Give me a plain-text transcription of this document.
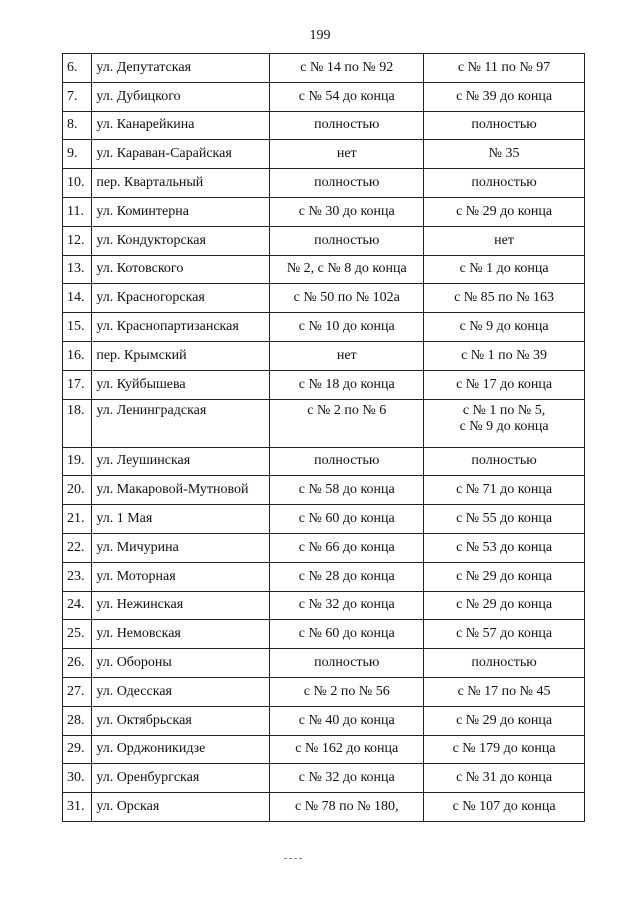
199
6.	ул. Депутатская	с № 14 по № 92	с № 11 по № 97

7.	ул. Дубицкого	с № 54 до конца	с № 39 до конца

8.	ул. Канарейкина	полностью	полностью

9.	ул. Караван-Сарайская	нет	№ 35

10.	пер. Квартальный	полностью	полностью

11.	ул. Коминтерна	с № 30 до конца	с № 29 до конца

12.	ул. Кондукторская	полностью	нет

13.	ул. Котовского	№ 2, с № 8 до конца	с № 1 до конца

14.	ул. Красногорская	с № 50 по № 102а	с № 85 по № 163

15.	ул. Краснопартизанская	с № 10 до конца	с № 9 до конца

16.	пер. Крымский	нет	с № 1 по № 39

17.	ул. Куйбышева	с № 18 до конца	с № 17 до конца

18.	ул. Ленинградская	с № 2 по № 6	с № 1 по № 5,
с № 9 до конца

19.	ул. Леушинская	полностью	полностью

20.	ул. Макаровой-Мутновой	с № 58 до конца	с № 71 до конца

21.	ул. 1 Мая	с № 60 до конца	с № 55 до конца

22.	ул. Мичурина	с № 66 до конца	с № 53 до конца

23.	ул. Моторная	с № 28 до конца	с № 29 до конца

24.	ул. Нежинская	с № 32 до конца	с № 29 до конца

25.	ул. Немовская	с № 60 до конца	с № 57 до конца

26.	ул. Обороны	полностью	полностью

27.	ул. Одесская	с № 2 по № 56	с № 17 по № 45

28.	ул. Октябрьская	с № 40 до конца	с № 29 до конца

29.	ул. Орджоникидзе	с № 162 до конца	с № 179 до конца

30.	ул. Оренбургская	с № 32 до конца	с № 31 до конца

31.	ул. Орская	с № 78 по № 180,	с № 107 до конца
